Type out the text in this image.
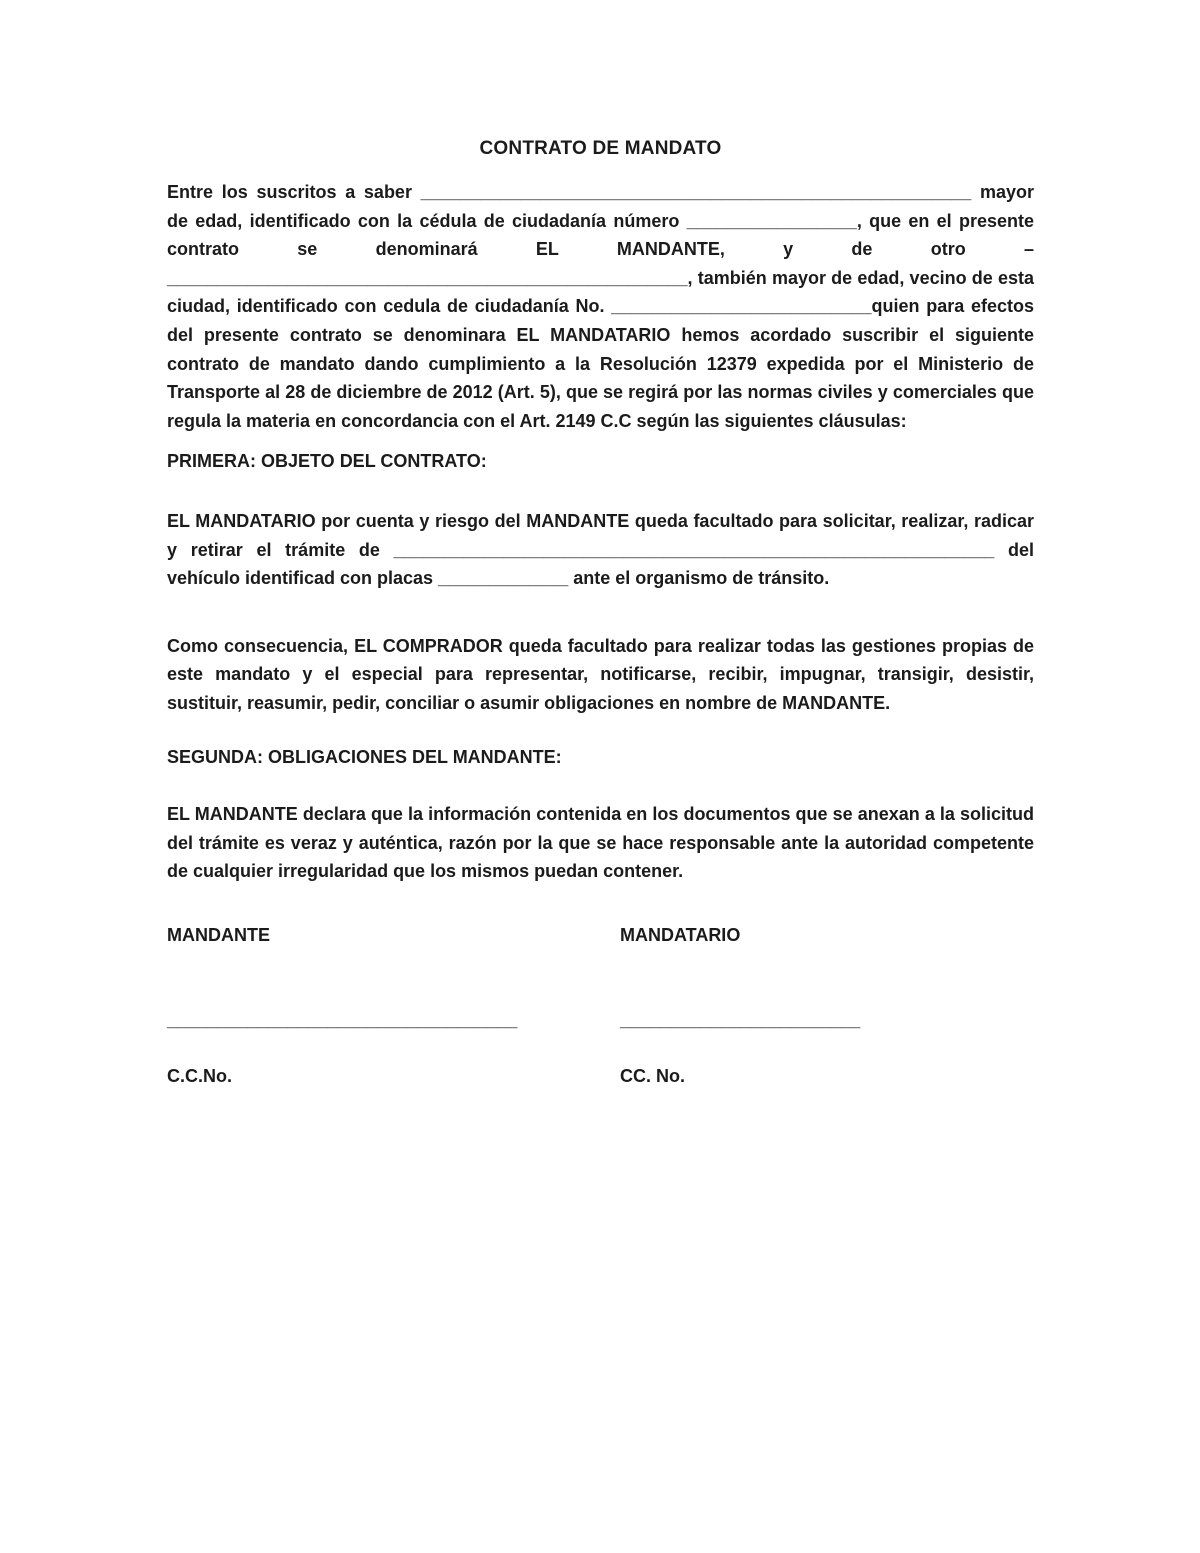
CONTRATO DE MANDATO

Entre los suscritos a saber _______________________________________________________ mayor de edad, identificado con la cédula de ciudadanía número _________________, que en el presente contrato se denominará EL MANDANTE, y de otro – ____________________________________________________, también mayor de edad, vecino de esta ciudad, identificado con cedula de ciudadanía No. __________________________quien para efectos del presente contrato se denominara EL MANDATARIO hemos acordado suscribir el siguiente contrato de mandato dando cumplimiento a la Resolución 12379 expedida por el Ministerio de Transporte al 28 de diciembre de 2012 (Art. 5), que se regirá por las normas civiles y comerciales que regula la materia en concordancia con el Art. 2149 C.C según las siguientes cláusulas:

PRIMERA: OBJETO DEL CONTRATO:

EL MANDATARIO por cuenta y riesgo del MANDANTE queda facultado para solicitar, realizar, radicar y retirar el trámite de ____________________________________________________________ del vehículo identificad con placas _____________ ante el organismo de tránsito.

Como consecuencia, EL COMPRADOR queda facultado para realizar todas las gestiones propias de este mandato y el especial para representar, notificarse, recibir, impugnar, transigir, desistir, sustituir, reasumir, pedir, conciliar o asumir obligaciones en nombre de MANDANTE.

SEGUNDA: OBLIGACIONES DEL MANDANTE:

EL MANDANTE declara que la información contenida en los documentos que se anexan a la solicitud del trámite es veraz y auténtica, razón por la que se hace responsable ante la autoridad competente de cualquier irregularidad que los mismos puedan contener.

MANDANTE	MANDATARIO
___________________________________	________________________
C.C.No.	CC. No.
